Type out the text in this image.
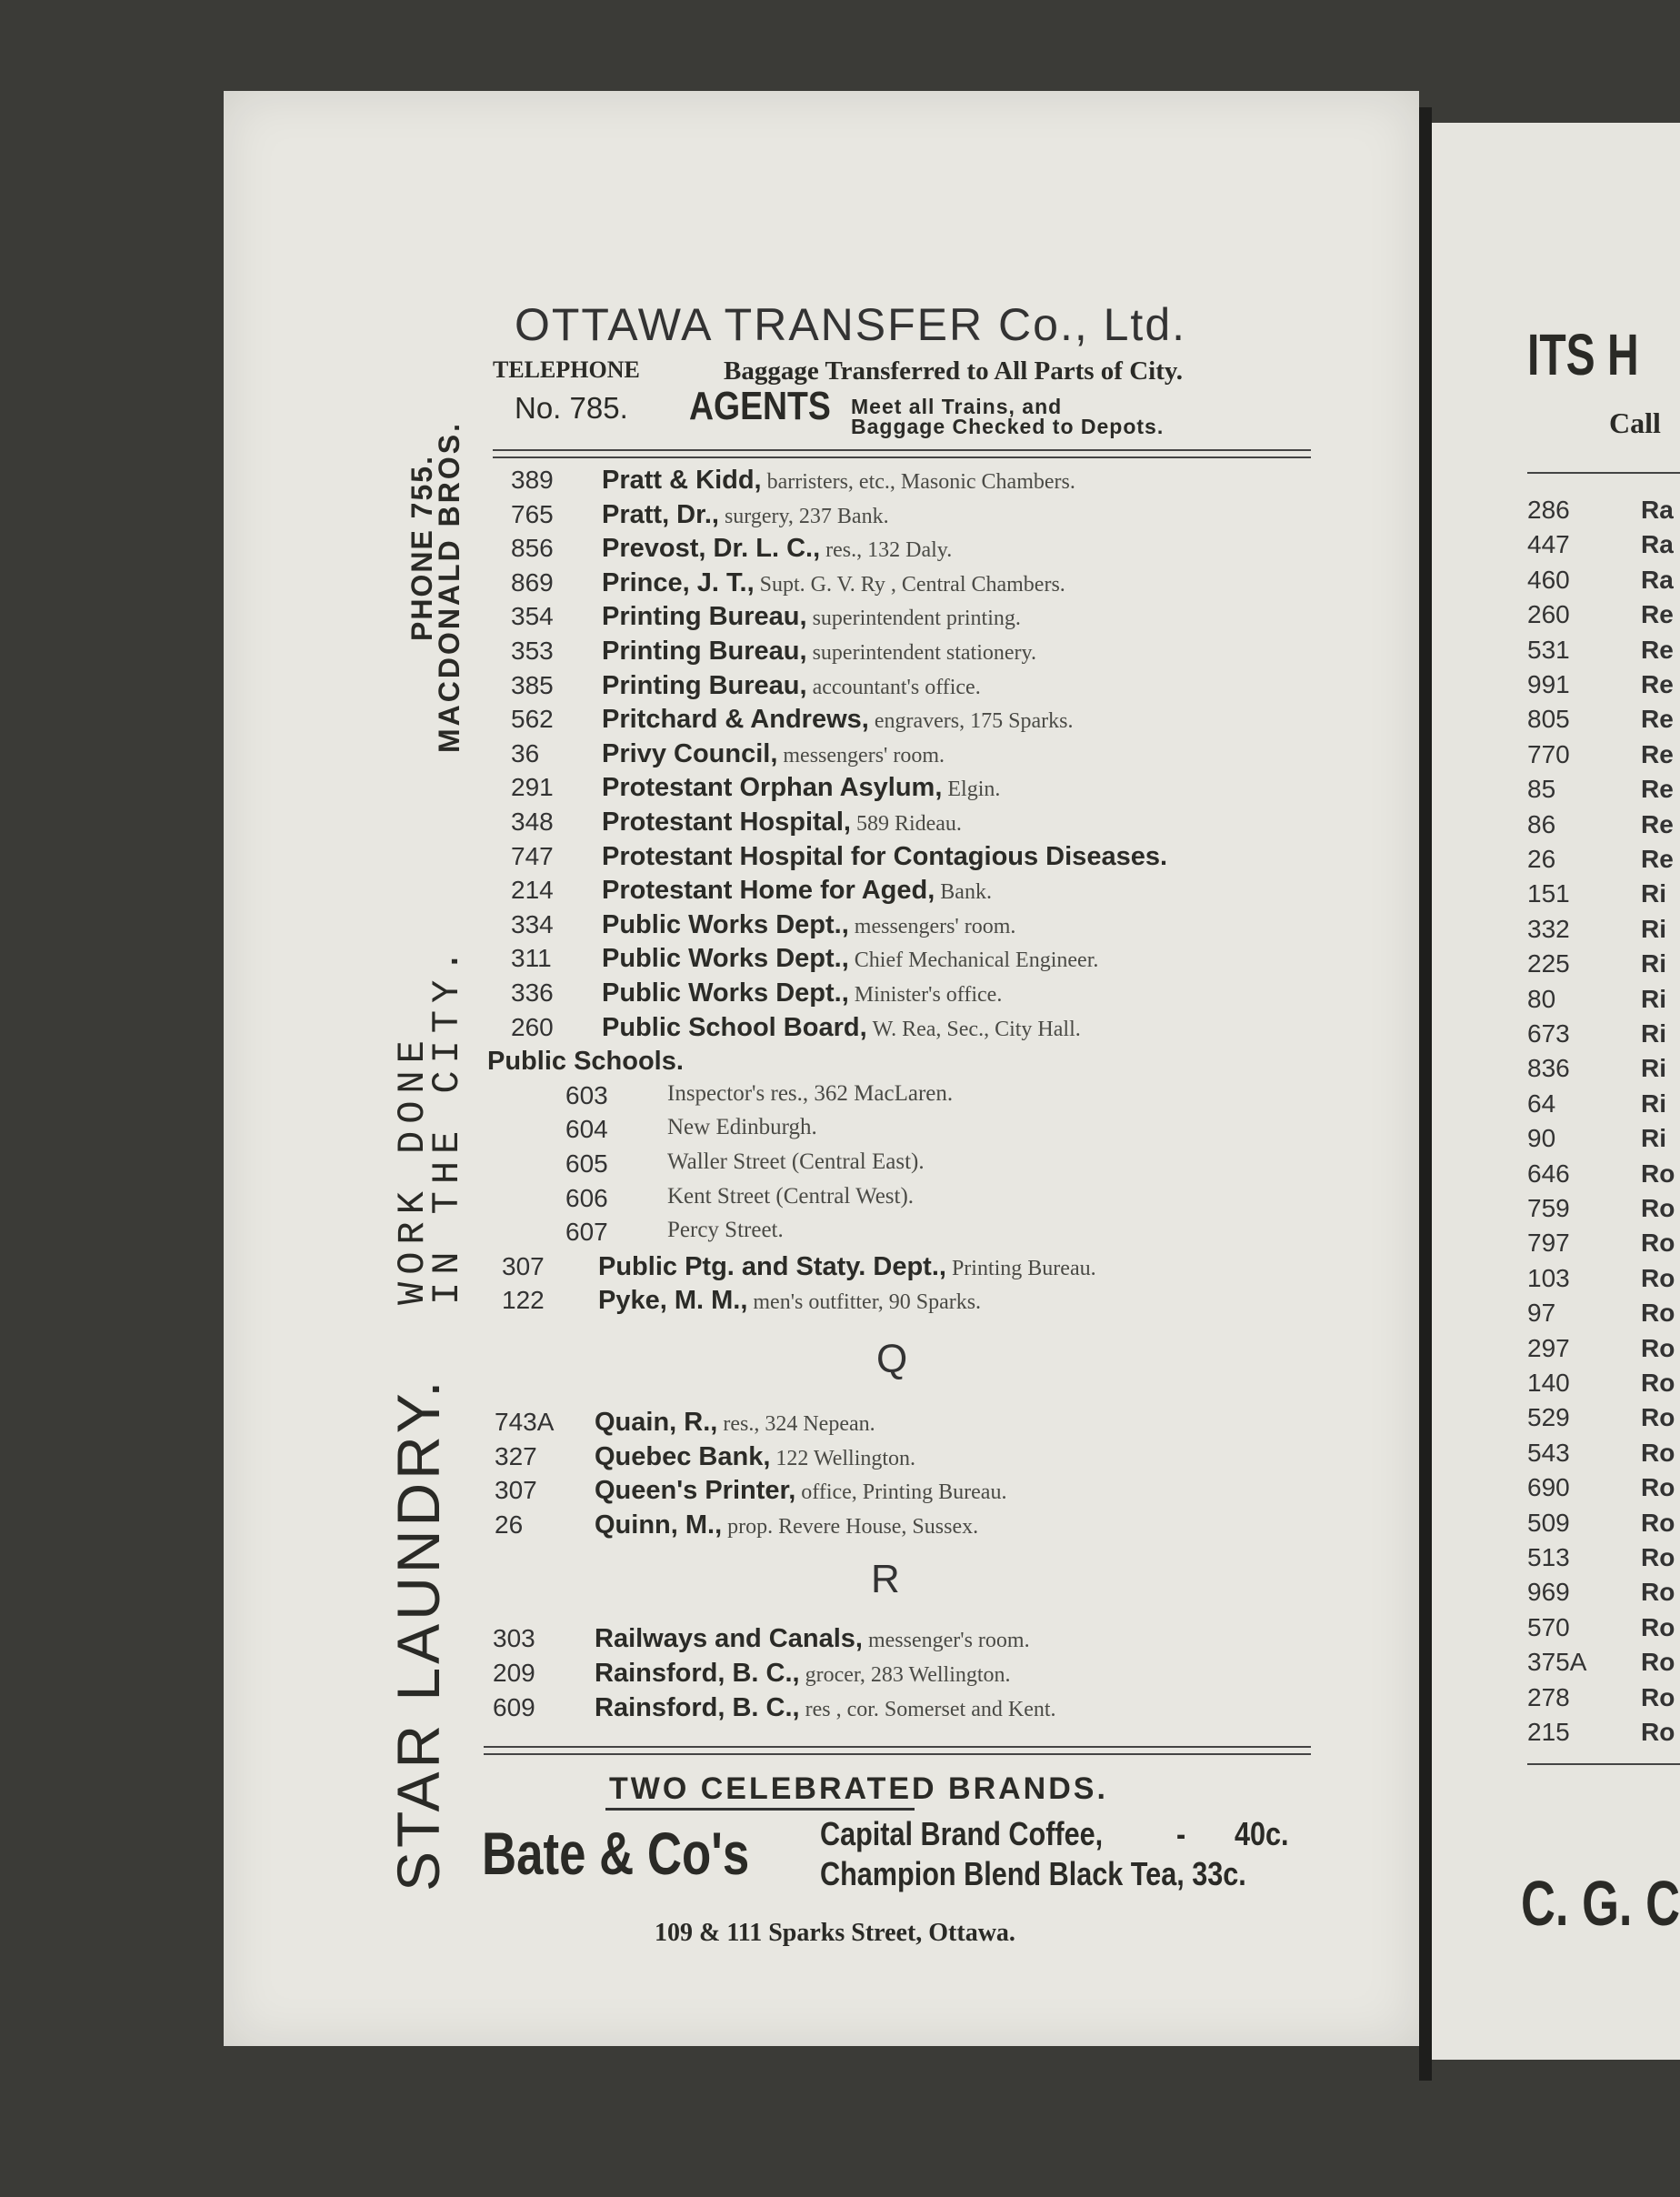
OTTAWA TRANSFER Co., Ltd.
TELEPHONE	Baggage Transferred to All Parts of City.
No. 785. AGENTS Meet all Trains, and
Baggage Checked to Depots.
PHONE 755.
MACDONALD BROS.
WORK DONE
IN THE CITY.
STAR LAUNDRY.
389 Pratt & Kidd, barristers, etc., Masonic Chambers.
765 Pratt, Dr., surgery, 237 Bank.
856 Prevost, Dr. L. C., res., 132 Daly.
869 Prince, J. T., Supt. G. V. Ry , Central Chambers.
354 Printing Bureau, superintendent printing.
353 Printing Bureau, superintendent stationery.
385 Printing Bureau, accountant's office.
562 Pritchard & Andrews, engravers, 175 Sparks.
36 Privy Council, messengers' room.
291 Protestant Orphan Asylum, Elgin.
348 Protestant Hospital, 589 Rideau.
747 Protestant Hospital for Contagious Diseases.
214 Protestant Home for Aged, Bank.
334 Public Works Dept., messengers' room.
311 Public Works Dept., Chief Mechanical Engineer.
336 Public Works Dept., Minister's office.
260 Public School Board, W. Rea, Sec., City Hall.
Public Schools.
603	Inspector's res., 362 MacLaren.
604	New Edinburgh.
605	Waller Street (Central East).
606	Kent Street (Central West).
607	Percy Street.
307 Public Ptg. and Staty. Dept., Printing Bureau.
122 Pyke, M. M., men's outfitter, 90 Sparks.
Q
743A Quain, R., res., 324 Nepean.
327 Quebec Bank, 122 Wellington.
307 Queen's Printer, office, Printing Bureau.
26	Quinn, M., prop. Revere House, Sussex.
R
303 Railways and Canals, messenger's room.
209 Rainsford, B. C., grocer, 283 Wellington.
609 Rainsford, B. C., res , cor. Somerset and Kent.
TWO CELEBRATED BRANDS.
Bate & Co's Capital Brand Coffee, - 40c.
Champion Blend Black Tea, 33c.
109 & 111 Sparks Street, Ottawa.
ITS H
Call
286	Ra
447	Ra
460	Ra
260	Re
531	Re
991	Re
805	Re
770	Re
85	Re
86	Re
26	Re
151	Ri
332	Ri
225	Ri
80	Ri
673	Ri
836	Ri
64	Ri
90	Ri
646	Ro
759	Ro
797	Ro
103	Ro
97	Ro
297	Ro
140	Ro
529	Ro
543	Ro
690	Ro
509	Ro
513	Ro
969	Ro
570	Ro
375A Ro
278	Ro
215	Ro
C. G. C
